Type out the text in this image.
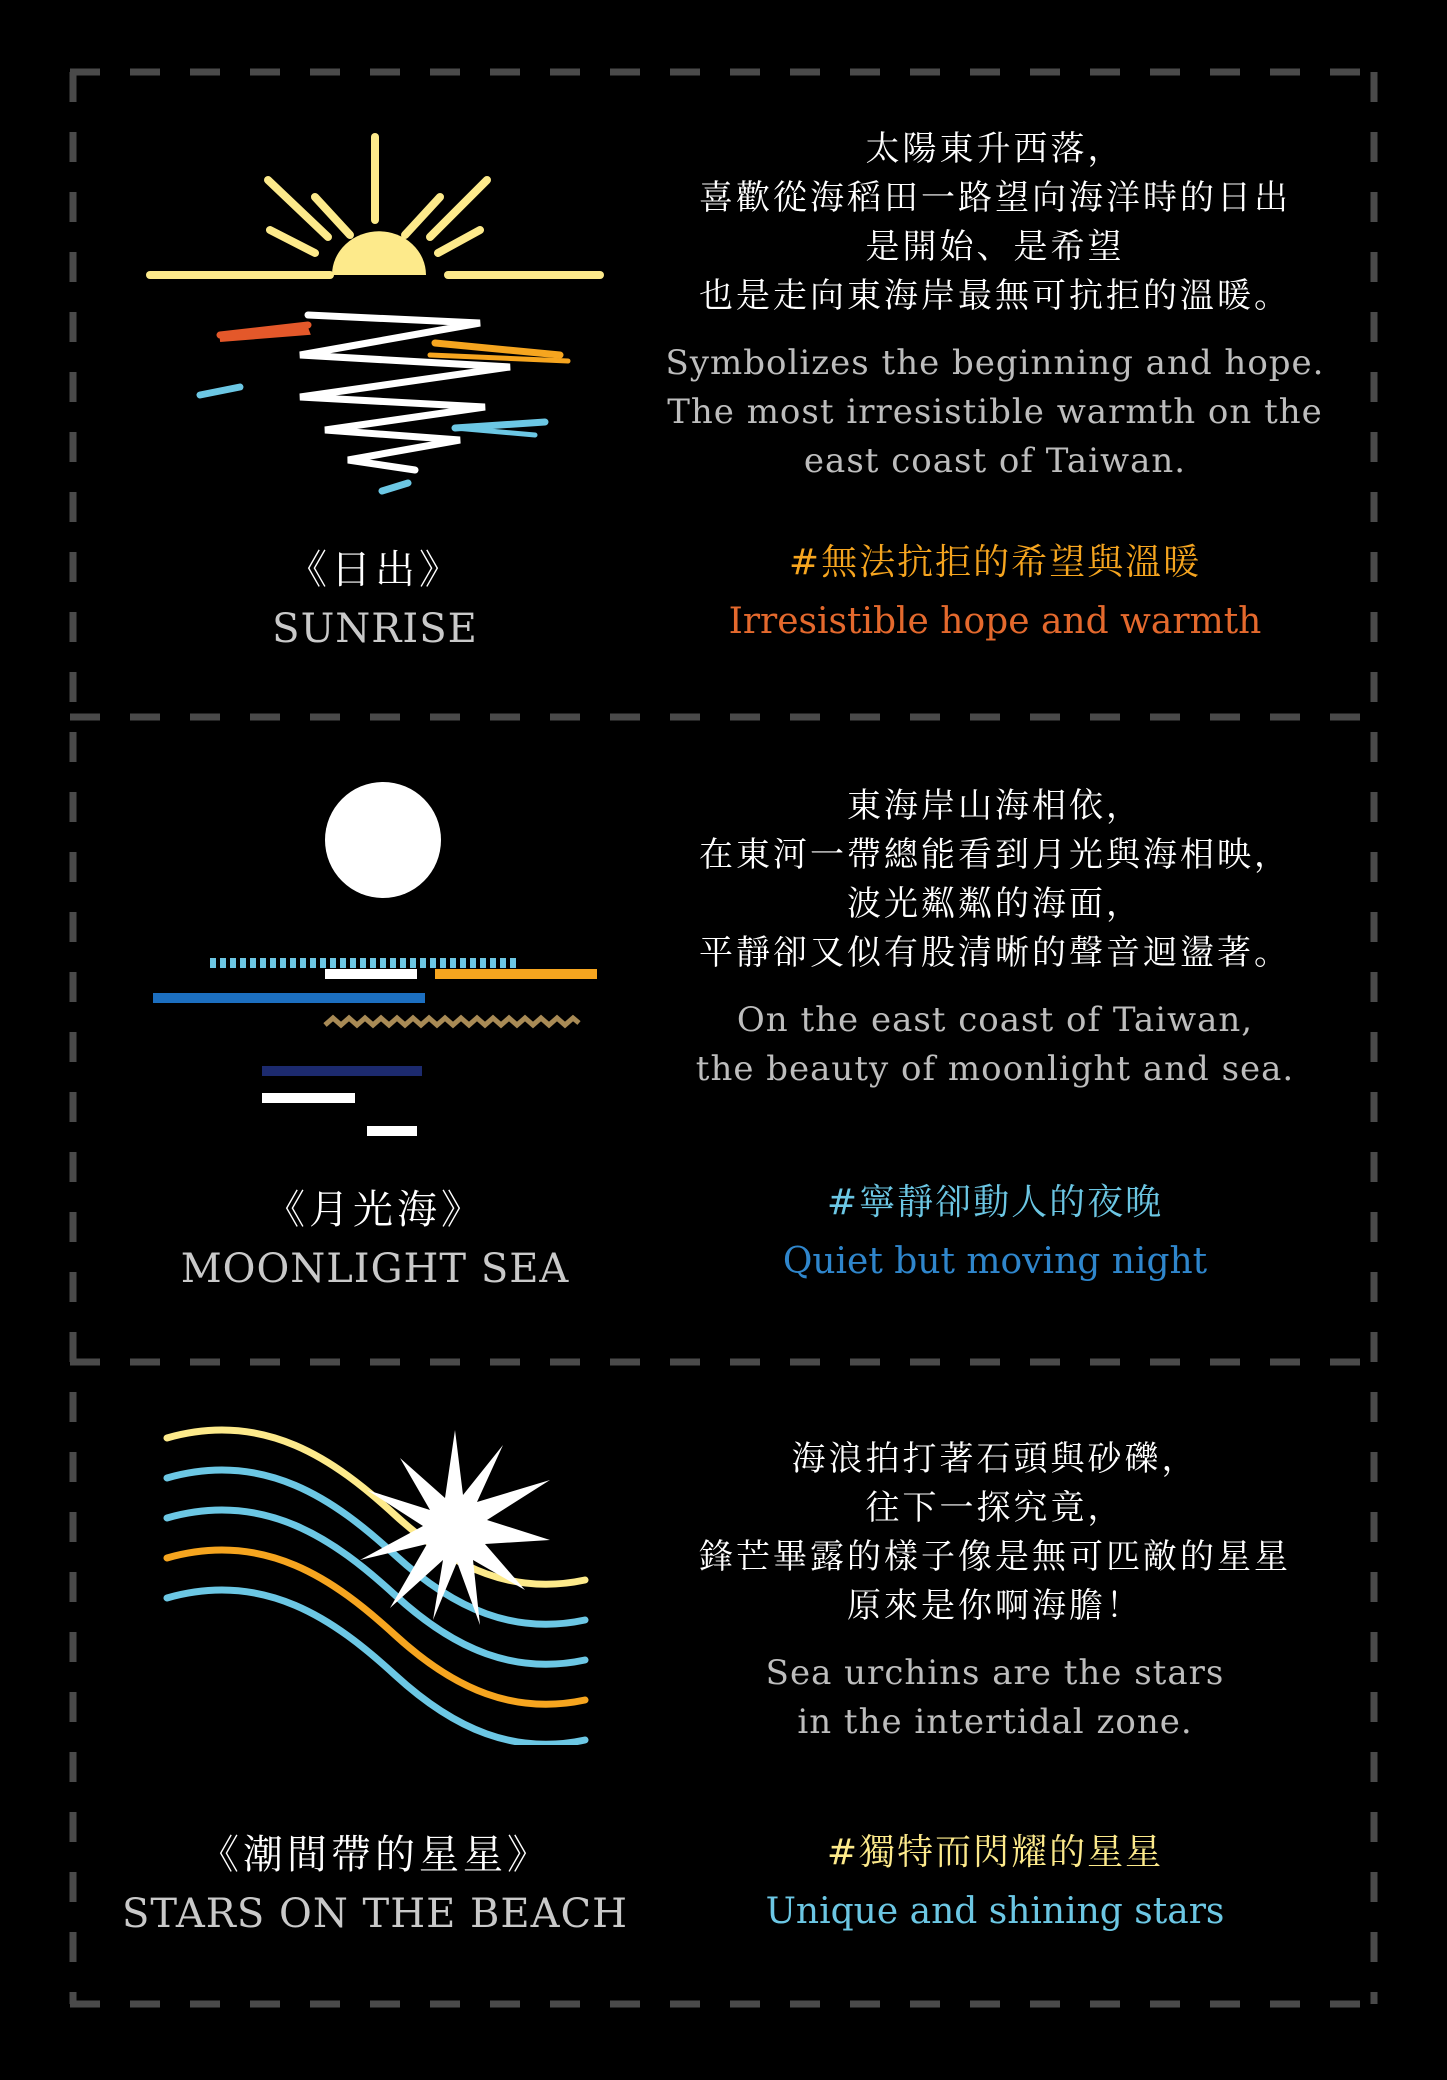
《日出》
SUNRISE
太陽東升西落，
喜歡從海稻田一路望向海洋時的日出
是開始、是希望
也是走向東海岸最無可抗拒的溫暖。
Symbolizes the beginning and hope.
The most irresistible warmth on the
east coast of Taiwan.
#無法抗拒的希望與溫暖
Irresistible hope and warmth
《月光海》
MOONLIGHT SEA
東海岸山海相依，
在東河一帶總能看到月光與海相映，
波光粼粼的海面，
平靜卻又似有股清晰的聲音迴盪著。
On the east coast of Taiwan,
the beauty of moonlight and sea.
#寧靜卻動人的夜晚
Quiet but moving night
《潮間帶的星星》
STARS ON THE BEACH
海浪拍打著石頭與砂礫，
往下一探究竟，
鋒芒畢露的樣子像是無可匹敵的星星
原來是你啊海膽！
Sea urchins are the stars
in the intertidal zone.
#獨特而閃耀的星星
Unique and shining stars
